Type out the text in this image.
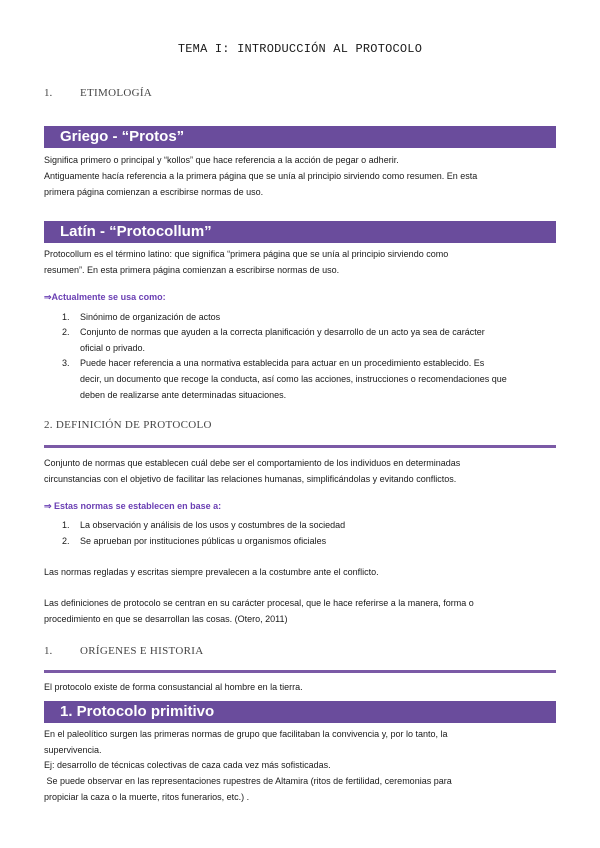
TEMA I: INTRODUCCIÓN AL PROTOCOLO
1.	ETIMOLOGÍA
Griego - “Protos”
Significa primero o principal y “kollos” que hace referencia a la acción de pegar o adherir.
Antiguamente hacía referencia a la primera página que se unía al principio sirviendo como resumen. En esta
primera página comienzan a escribirse normas de uso.
Latín - “Protocollum”
Protocollum es el término latino: que significa “primera página que se unía al principio sirviendo como
resumen”. En esta primera página comienzan a escribirse normas de uso.
⇒Actualmente se usa como:
1. Sinónimo de organización de actos
2. Conjunto de normas que ayuden a la correcta planificación y desarrollo de un acto ya sea de carácter
oficial o privado.
3. Puede hacer referencia a una normativa establecida para actuar en un procedimiento establecido. Es
decir, un documento que recoge la conducta, así como las acciones, instrucciones o recomendaciones que
deben de realizarse ante determinadas situaciones.
2. DEFINICIÓN DE PROTOCOLO
Conjunto de normas que establecen cuál debe ser el comportamiento de los individuos en determinadas
circunstancias con el objetivo de facilitar las relaciones humanas, simplificándolas y evitando conflictos.
⇒ Estas normas se establecen en base a:
1. La observación y análisis de los usos y costumbres de la sociedad
2. Se aprueban por instituciones públicas u organismos oficiales
Las normas regladas y escritas siempre prevalecen a la costumbre ante el conflicto.
Las definiciones de protocolo se centran en su carácter procesal, que le hace referirse a la manera, forma o
procedimiento en que se desarrollan las cosas. (Otero, 2011)
1.	ORÍGENES E HISTORIA
El protocolo existe de forma consustancial al hombre en la tierra.
1. Protocolo primitivo
En el paleolítico surgen las primeras normas de grupo que facilitaban la convivencia y, por lo tanto, la
supervivencia.
Ej: desarrollo de técnicas colectivas de caza cada vez más sofisticadas.
Se puede observar en las representaciones rupestres de Altamira (ritos de fertilidad, ceremonias para
propiciar la caza o la muerte, ritos funerarios, etc.) .
